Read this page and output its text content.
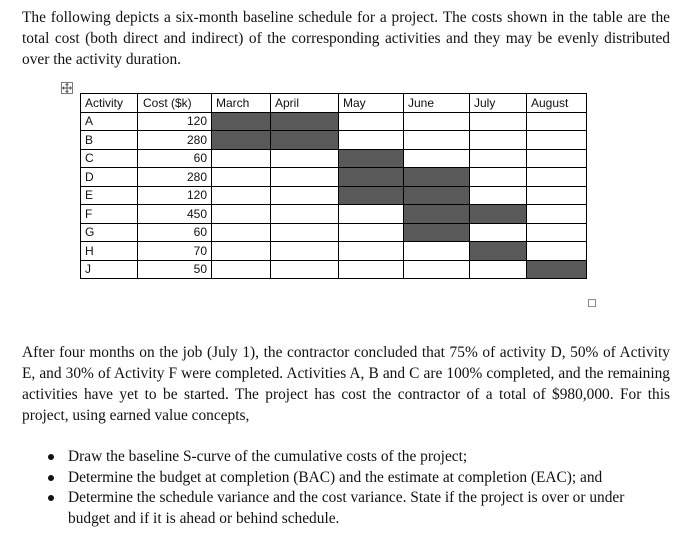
The following depicts a six-month baseline schedule for a project. The costs shown in the table are the total cost (both direct and indirect) of the corresponding activities and they may be evenly distributed over the activity duration.

Activity	Cost ($k)	March	April	May	June	July	August
A	120						
B	280						
C	60						
D	280						
E	120						
F	450						
G	60						
H	70						
J	50						

After four months on the job (July 1), the contractor concluded that 75% of activity D, 50% of Activity E, and 30% of Activity F were completed. Activities A, B and C are 100% completed, and the remaining activities have yet to be started. The project has cost the contractor of a total of $980,000. For this project, using earned value concepts,

Draw the baseline S-curve of the cumulative costs of the project;
Determine the budget at completion (BAC) and the estimate at completion (EAC); and
Determine the schedule variance and the cost variance. State if the project is over or under budget and if it is ahead or behind schedule.
